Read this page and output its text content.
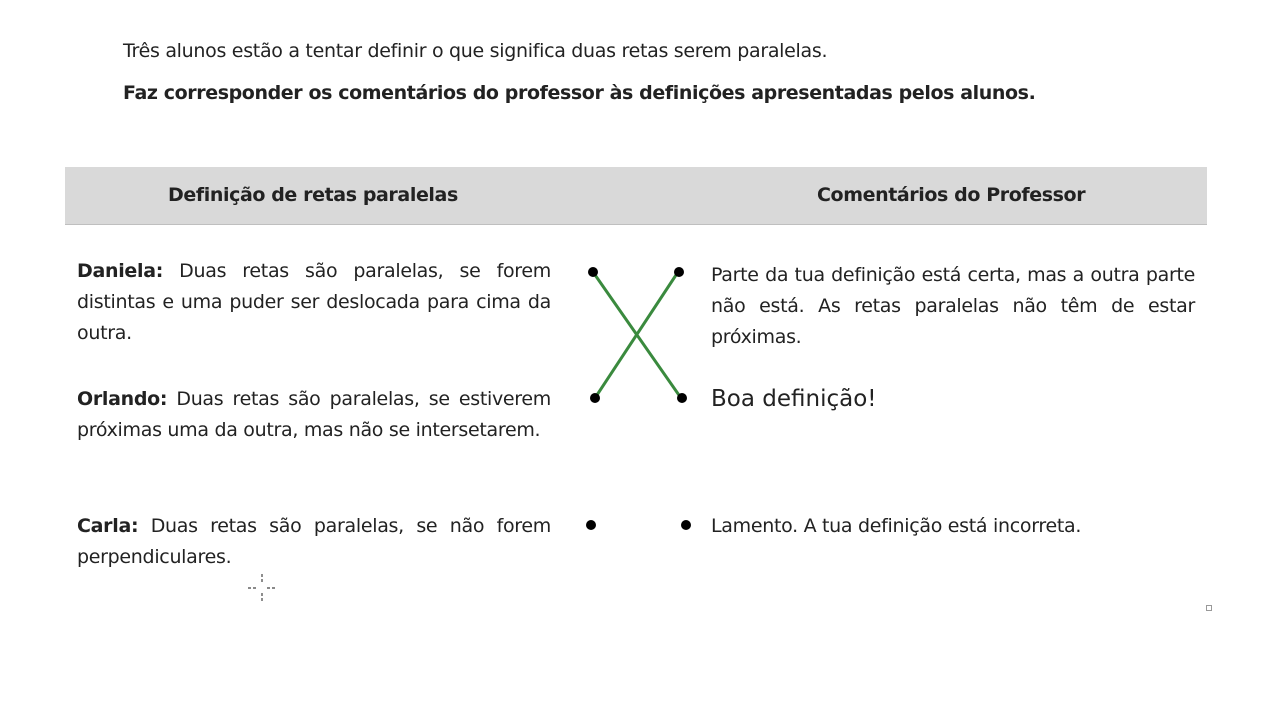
Três alunos estão a tentar definir o que significa duas retas serem paralelas.
Faz corresponder os comentários do professor às definições apresentadas pelos alunos.
Definição de retas paralelas	Comentários do Professor
Daniela: Duas retas são paralelas, se forem distintas e uma puder ser deslocada para cima da outra.
Orlando: Duas retas são paralelas, se estiverem próximas uma da outra, mas não se intersetarem.
Carla: Duas retas são paralelas, se não forem perpendiculares.
Parte da tua definição está certa, mas a outra parte não está. As retas paralelas não têm de estar próximas.
Boa definição!
Lamento. A tua definição está incorreta.
